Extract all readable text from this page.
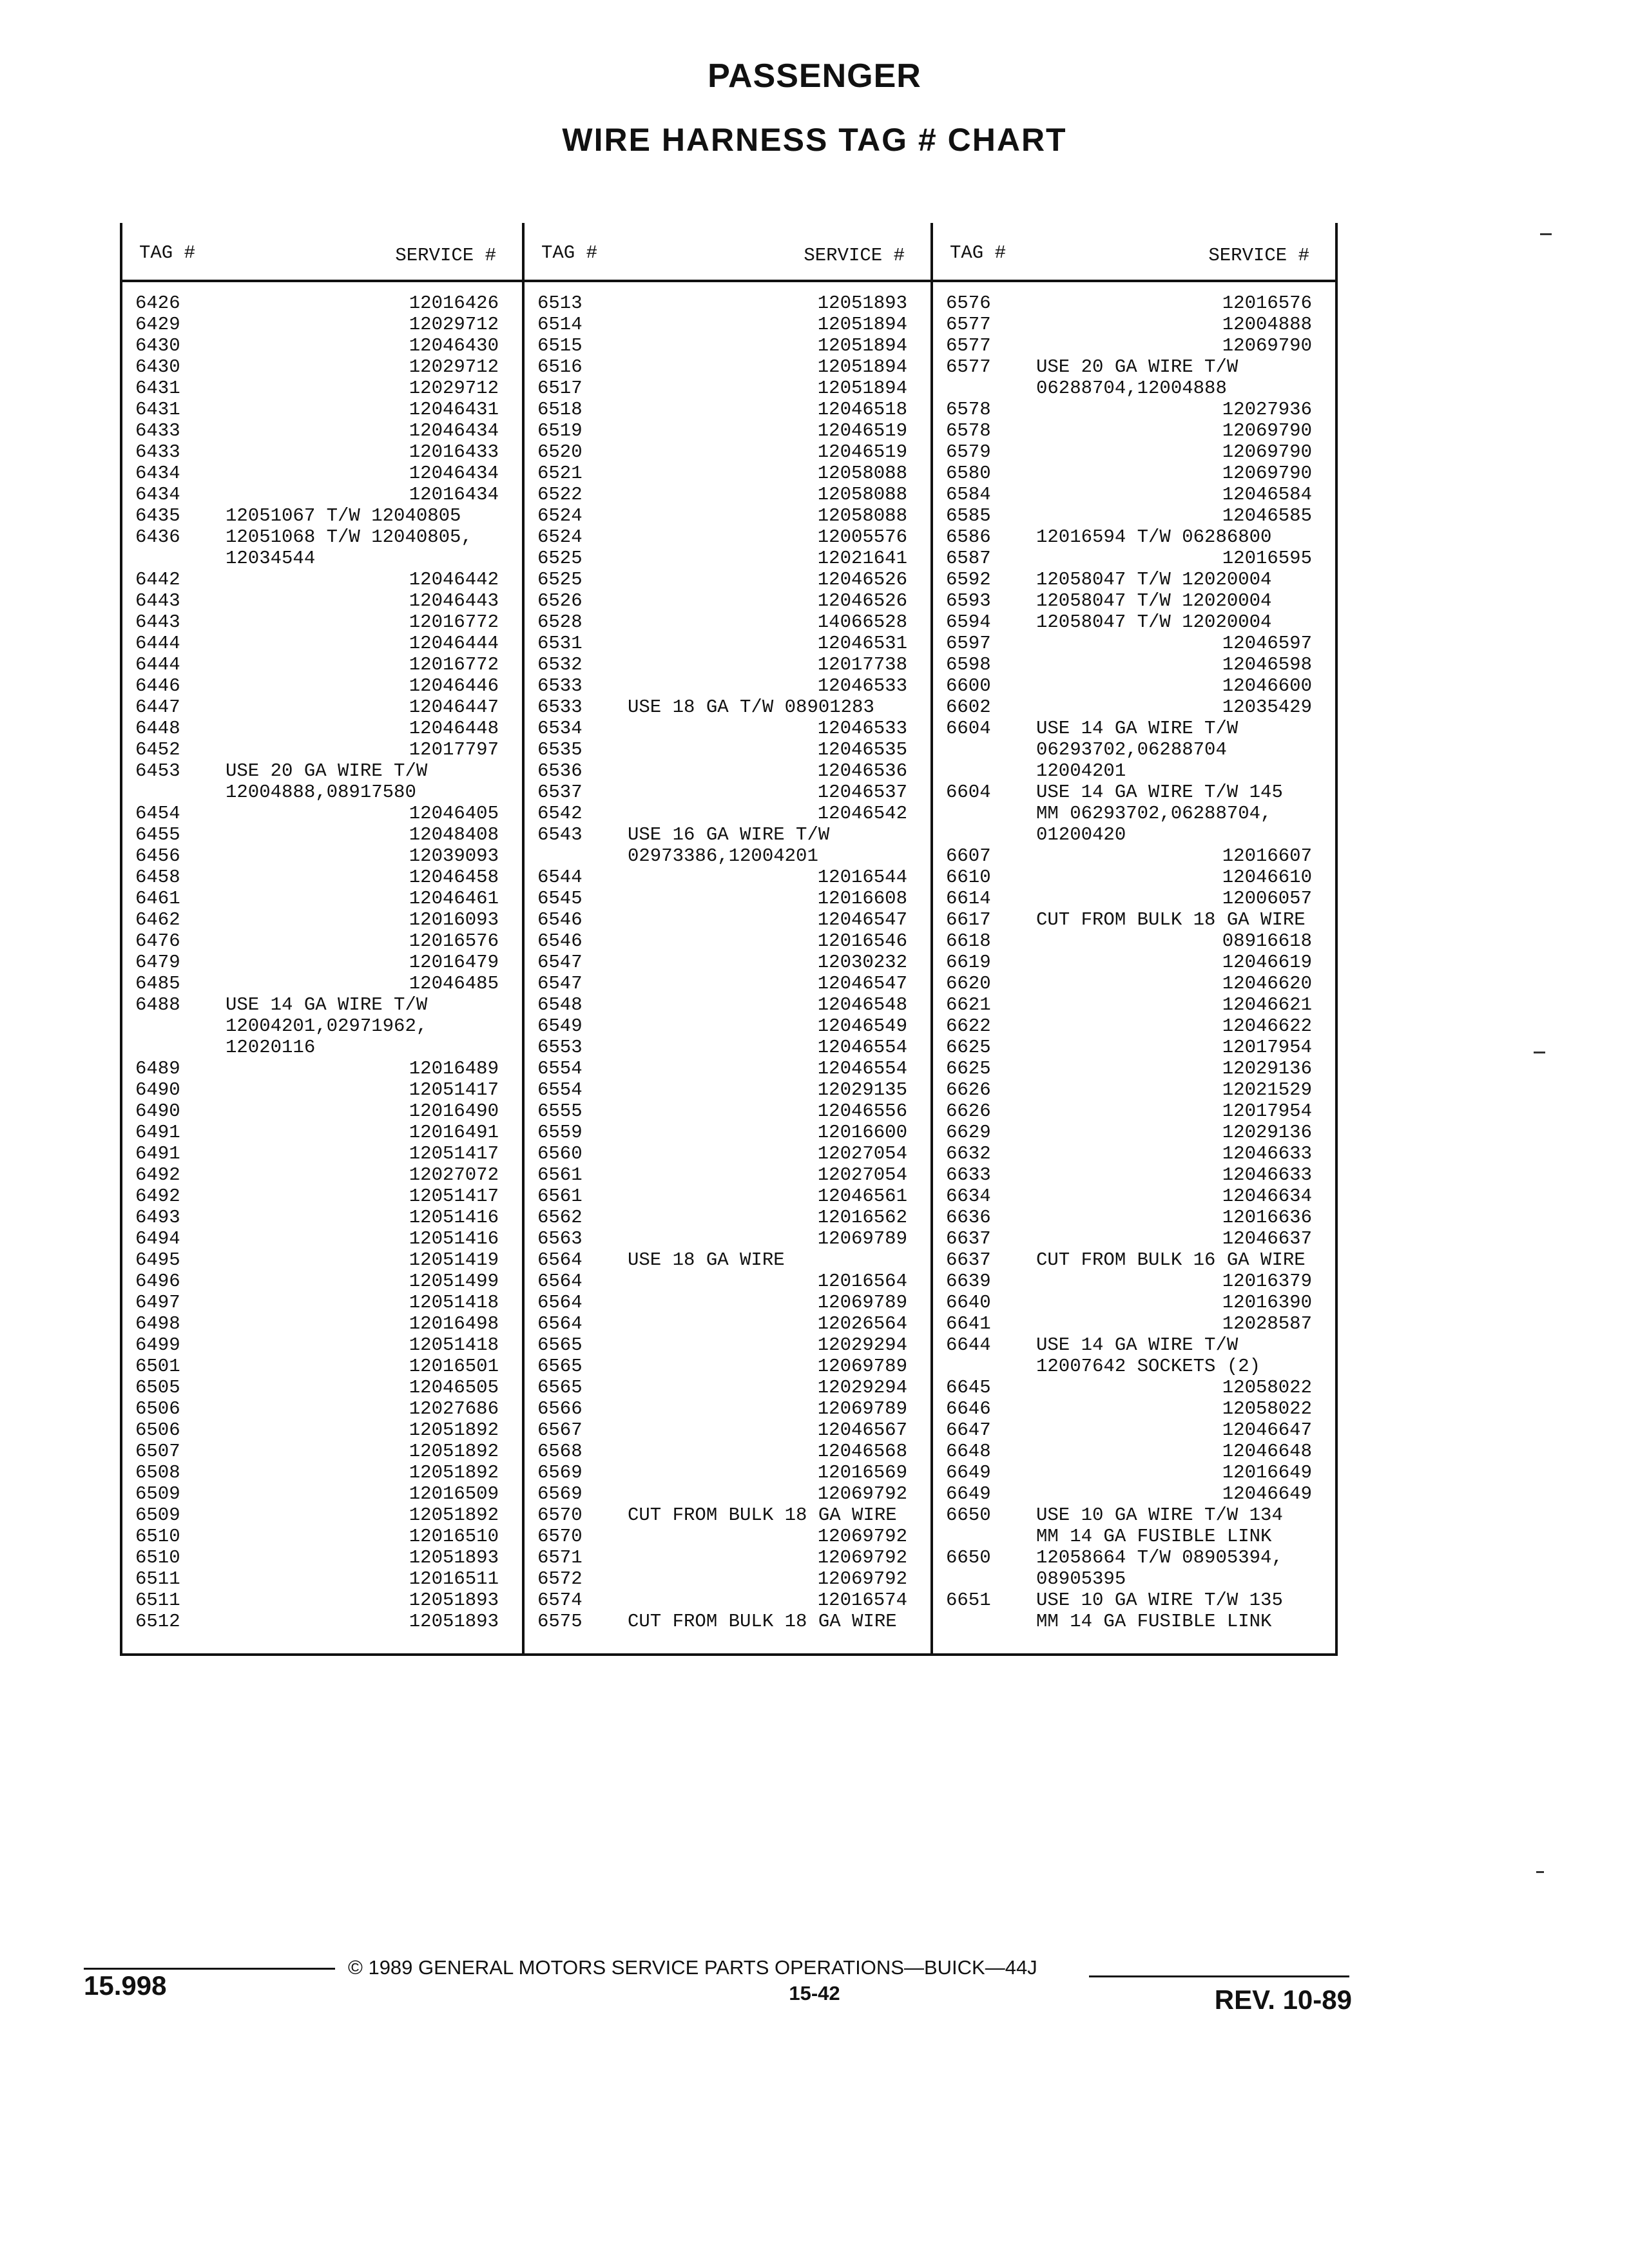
PASSENGER
WIRE HARNESS TAG # CHART
TAG #	SERVICE #
6426	12016426
6429	12029712
6430	12046430
6430	12029712
6431	12029712
6431	12046431
6433	12046434
6433	12016433
6434	12046434
6434	12016434
6435	12051067 T/W 12040805
6436	12051068 T/W 12040805,
12034544
6442	12046442
6443	12046443
6443	12016772
6444	12046444
6444	12016772
6446	12046446
6447	12046447
6448	12046448
6452	12017797
6453	USE 20 GA WIRE T/W
12004888,08917580
6454	12046405
6455	12048408
6456	12039093
6458	12046458
6461	12046461
6462	12016093
6476	12016576
6479	12016479
6485	12046485
6488	USE 14 GA WIRE T/W
12004201,02971962,
12020116
6489	12016489
6490	12051417
6490	12016490
6491	12016491
6491	12051417
6492	12027072
6492	12051417
6493	12051416
6494	12051416
6495	12051419
6496	12051499
6497	12051418
6498	12016498
6499	12051418
6501	12016501
6505	12046505
6506	12027686
6506	12051892
6507	12051892
6508	12051892
6509	12016509
6509	12051892
6510	12016510
6510	12051893
6511	12016511
6511	12051893
6512	12051893
TAG #	SERVICE #
6513	12051893
6514	12051894
6515	12051894
6516	12051894
6517	12051894
6518	12046518
6519	12046519
6520	12046519
6521	12058088
6522	12058088
6524	12058088
6524	12005576
6525	12021641
6525	12046526
6526	12046526
6528	14066528
6531	12046531
6532	12017738
6533	12046533
6533	USE 18 GA T/W 08901283
6534	12046533
6535	12046535
6536	12046536
6537	12046537
6542	12046542
6543	USE 16 GA WIRE T/W
02973386,12004201
6544	12016544
6545	12016608
6546	12046547
6546	12016546
6547	12030232
6547	12046547
6548	12046548
6549	12046549
6553	12046554
6554	12046554
6554	12029135
6555	12046556
6559	12016600
6560	12027054
6561	12027054
6561	12046561
6562	12016562
6563	12069789
6564	USE 18 GA WIRE
6564	12016564
6564	12069789
6564	12026564
6565	12029294
6565	12069789
6565	12029294
6566	12069789
6567	12046567
6568	12046568
6569	12016569
6569	12069792
6570	CUT FROM BULK 18 GA WIRE
6570	12069792
6571	12069792
6572	12069792
6574	12016574
6575	CUT FROM BULK 18 GA WIRE
TAG #	SERVICE #
6576	12016576
6577	12004888
6577	12069790
6577	USE 20 GA WIRE T/W
06288704,12004888
6578	12027936
6578	12069790
6579	12069790
6580	12069790
6584	12046584
6585	12046585
6586	12016594 T/W 06286800
6587	12016595
6592	12058047 T/W 12020004
6593	12058047 T/W 12020004
6594	12058047 T/W 12020004
6597	12046597
6598	12046598
6600	12046600
6602	12035429
6604	USE 14 GA WIRE T/W
06293702,06288704
12004201
6604	USE 14 GA WIRE T/W 145
MM 06293702,06288704,
01200420
6607	12016607
6610	12046610
6614	12006057
6617	CUT FROM BULK 18 GA WIRE
6618	08916618
6619	12046619
6620	12046620
6621	12046621
6622	12046622
6625	12017954
6625	12029136
6626	12021529
6626	12017954
6629	12029136
6632	12046633
6633	12046633
6634	12046634
6636	12016636
6637	12046637
6637	CUT FROM BULK 16 GA WIRE
6639	12016379
6640	12016390
6641	12028587
6644	USE 14 GA WIRE T/W
12007642 SOCKETS (2)
6645	12058022
6646	12058022
6647	12046647
6648	12046648
6649	12016649
6649	12046649
6650	USE 10 GA WIRE T/W 134
MM 14 GA FUSIBLE LINK
6650	12058664 T/W 08905394,
08905395
6651	USE 10 GA WIRE T/W 135
MM 14 GA FUSIBLE LINK
15.998
© 1989 GENERAL MOTORS SERVICE PARTS OPERATIONS—BUICK—44J
15-42	REV. 10-89
